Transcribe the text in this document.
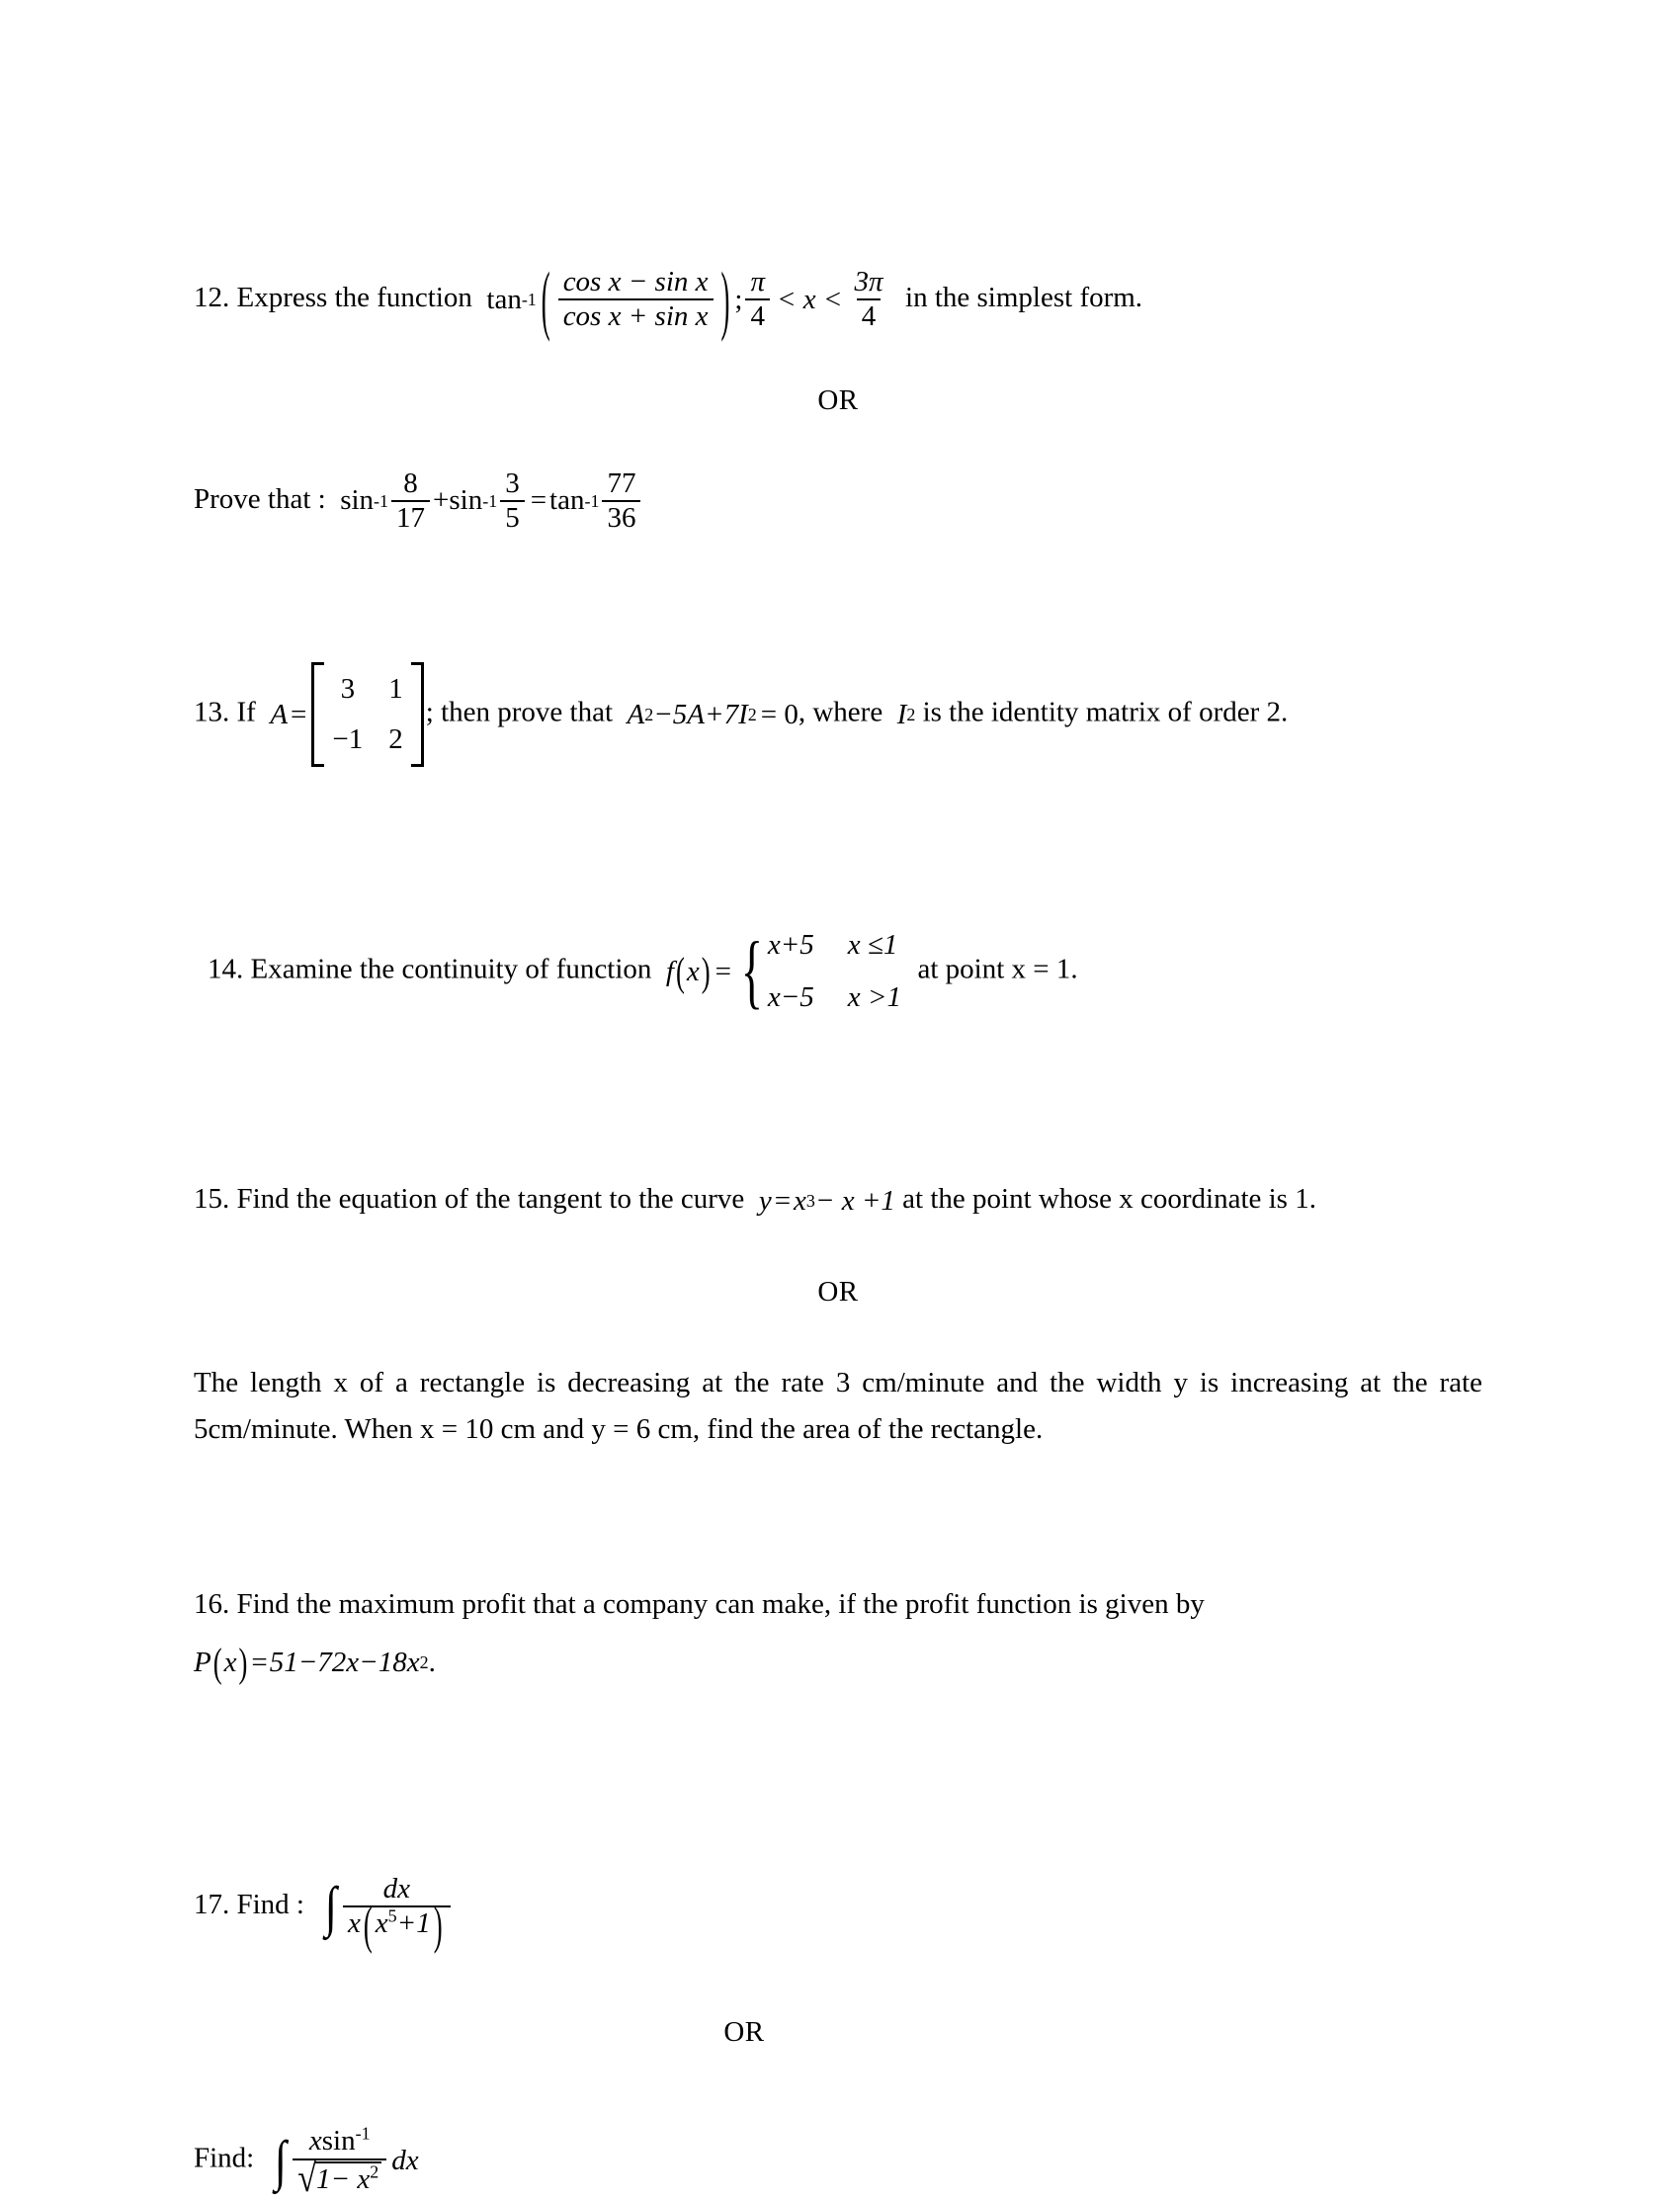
12. Express the function tan -1 ( $\frac{\text{cos x − sin x}}{\text{cos x + sin x}}$ ) ; $\frac{\pi}{4} < x < \frac{3\pi}{4}$ in the simplest form.
OR
Prove that : $\sin -1 \frac{8}{17} + \sin -1 \frac{3}{5} = \tan -1 \frac{77}{36}$
13. If A =
3 1
−1 2
; then prove that A 2 −5A+7I 2 = 0 , where I 2 is the identity matrix of order 2.
14. Examine the continuity of function f ( x ) = { x+5 x ≤1
x−5 x >1
at point x = 1.
15. Find the equation of the tangent to the curve y = x 3 − x +1 at the point whose x coordinate is 1.
OR
The length x of a rectangle is decreasing at the rate 3 cm/minute and the width y is increasing at the rate 5cm/minute. When x = 10 cm and y = 6 cm, find the area of the rectangle.
16. Find the maximum profit that a company can make, if the profit function is given by
P ( x ) = 51−72x−18x 2 .
17. Find : ∫ $\frac{dx}{x ( x^5+1 )}$
OR
Find: ∫ $\frac{xsin^{-1}}{√ 1- x^2}$ dx
